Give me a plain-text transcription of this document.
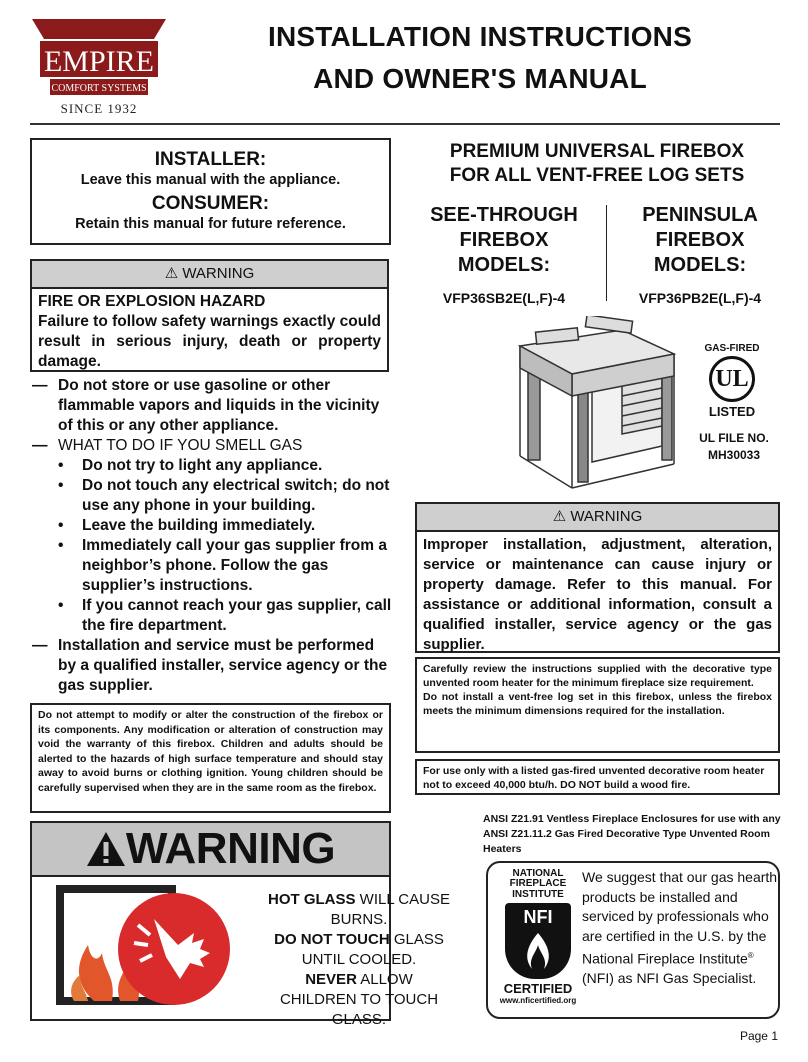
EMPIRE
COMFORT SYSTEMS
SINCE 1932
INSTALLATION INSTRUCTIONS
AND OWNER'S MANUAL
INSTALLER:
Leave this manual with the appliance.
CONSUMER:
Retain this manual for future reference.
⚠ WARNING
FIRE OR EXPLOSION HAZARD
Failure to follow safety warnings exactly could result in serious injury, death or property damage.
— Do not store or use gasoline or other flammable vapors and liquids in the vicinity of this or any other appliance.
— WHAT TO DO IF YOU SMELL GAS
• Do not try to light any appliance.
• Do not touch any electrical switch; do not use any phone in your building.
• Leave the building immediately.
• Immediately call your gas supplier from a neighbor’s phone. Follow the gas supplier’s instructions.
• If you cannot reach your gas supplier, call the fire department.
— Installation and service must be performed by a qualified installer, service agency or the gas supplier.
Do not attempt to modify or alter the construction of the firebox or its components. Any modification or alteration of construction may void the warranty of this firebox. Children and adults should be alerted to the hazards of high surface temperature and should stay away to avoid burns or clothing ignition. Young children should be carefully supervised when they are in the same room as the firebox.
WARNING
HOT GLASS WILL CAUSE BURNS.
DO NOT TOUCH GLASS UNTIL COOLED.
NEVER ALLOW CHILDREN TO TOUCH GLASS.
PREMIUM UNIVERSAL FIREBOX
FOR ALL VENT-FREE LOG SETS
SEE-THROUGH
FIREBOX
MODELS:
VFP36SB2E(L,F)-4
PENINSULA
FIREBOX
MODELS:
VFP36PB2E(L,F)-4
GAS-FIRED
UL
LISTED
UL FILE NO.
MH30033
⚠ WARNING
Improper installation, adjustment, alteration, service or maintenance can cause injury or property damage. Refer to this manual. For assistance or additional information, consult a qualified installer, service agency or the gas supplier.
Carefully review the instructions supplied with the decorative type unvented room heater for the minimum fireplace size requirement.
Do not install a vent-free log set in this firebox, unless the firebox meets the minimum dimensions required for the installation.
For use only with a listed gas-fired unvented decorative room heater not to exceed 40,000 btu/h. DO NOT build a wood fire.
ANSI Z21.91 Ventless Fireplace Enclosures for use with any ANSI Z21.11.2 Gas Fired Decorative Type Unvented Room Heaters
NATIONAL
FIREPLACE
INSTITUTE
NFI
CERTIFIED
www.nficertified.org
We suggest that our gas hearth products be installed and serviced by professionals who are certified in the U.S. by the National Fireplace Institute® (NFI) as NFI Gas Specialist.
Page 1
